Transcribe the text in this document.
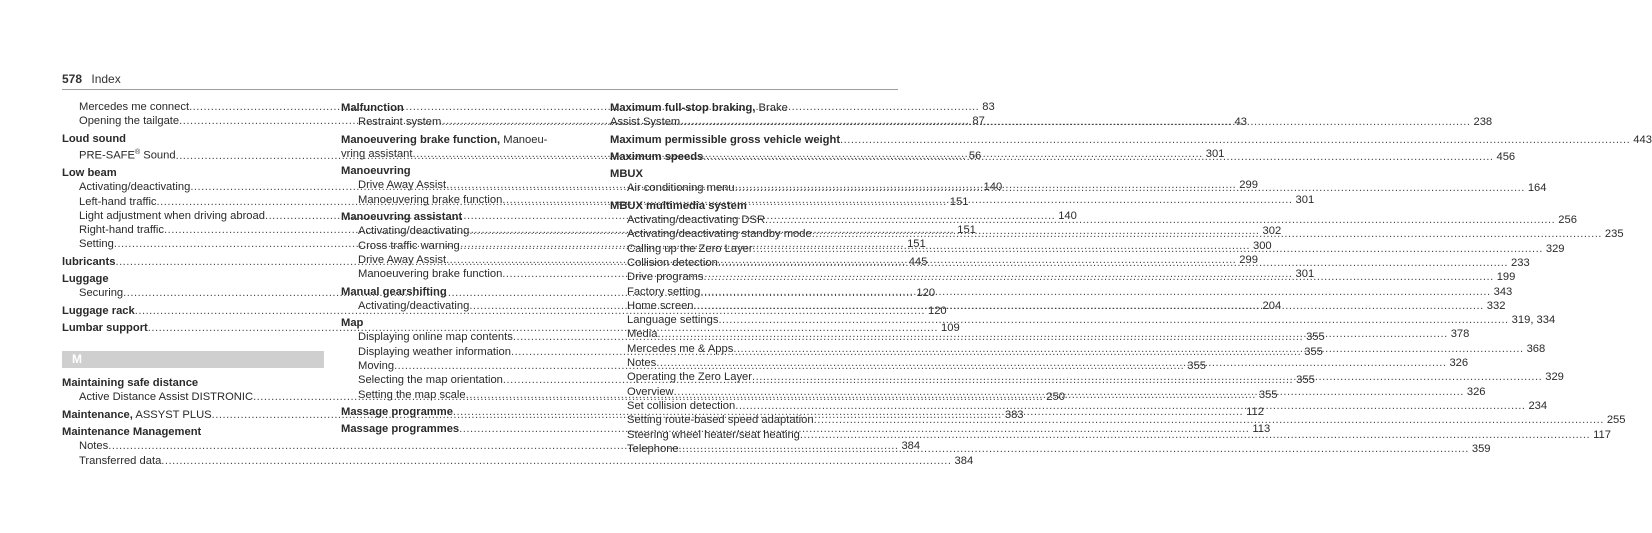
578 Index
Mercedes me connect .....	83
Opening the tailgate .....	87
Loud sound
PRE-SAFE® Sound .....	56
Low beam
Activating/deactivating .....	140
Left-hand traffic .....	151
Light adjustment when driving abroad .....	140
Right-hand traffic .....	151
Setting .....	151
lubricants .....	445
Luggage
Securing .....	120
Luggage rack .....	120
Lumbar support .....	109
M
Maintaining safe distance
Active Distance Assist DISTRONIC .....	250
Maintenance, ASSYST PLUS .....	383
Maintenance Management
Notes .....	384
Transferred data .....	384
Malfunction
Restraint system .....	43
Manoeuvering brake function, Manoeu-
vring assistant .....	301
Manoeuvring
Drive Away Assist .....	299
Manoeuvering brake function .....	301
Manoeuvring assistant
Activating/deactivating .....	302
Cross traffic warning .....	300
Drive Away Assist .....	299
Manoeuvering brake function .....	301
Manual gearshifting
Activating/deactivating .....	204
Map
Displaying online map contents .....	355
Displaying weather information .....	355
Moving .....	355
Selecting the map orientation .....	355
Setting the map scale .....	355
Massage programme .....	112
Massage programmes .....	113
Maximum full-stop braking, Brake
Assist System .....	238
Maximum permissible gross vehicle weight .....	443
Maximum speeds .....	456
MBUX
Air conditioning menu .....	164
MBUX multimedia system
Activating/deactivating DSR .....	256
Activating/deactivating standby mode .....	235
Calling up the Zero Layer .....	329
Collision detection .....	233
Drive programs .....	199
Factory setting .....	343
Home screen .....	332
Language settings .....	319, 334
Media .....	378
Mercedes me & Apps .....	368
Notes .....	326
Operating the Zero Layer .....	329
Overview .....	326
Set collision detection .....	234
Setting route-based speed adaptation .....	255
Steering wheel heater/seat heating .....	117
Telephone .....	359
